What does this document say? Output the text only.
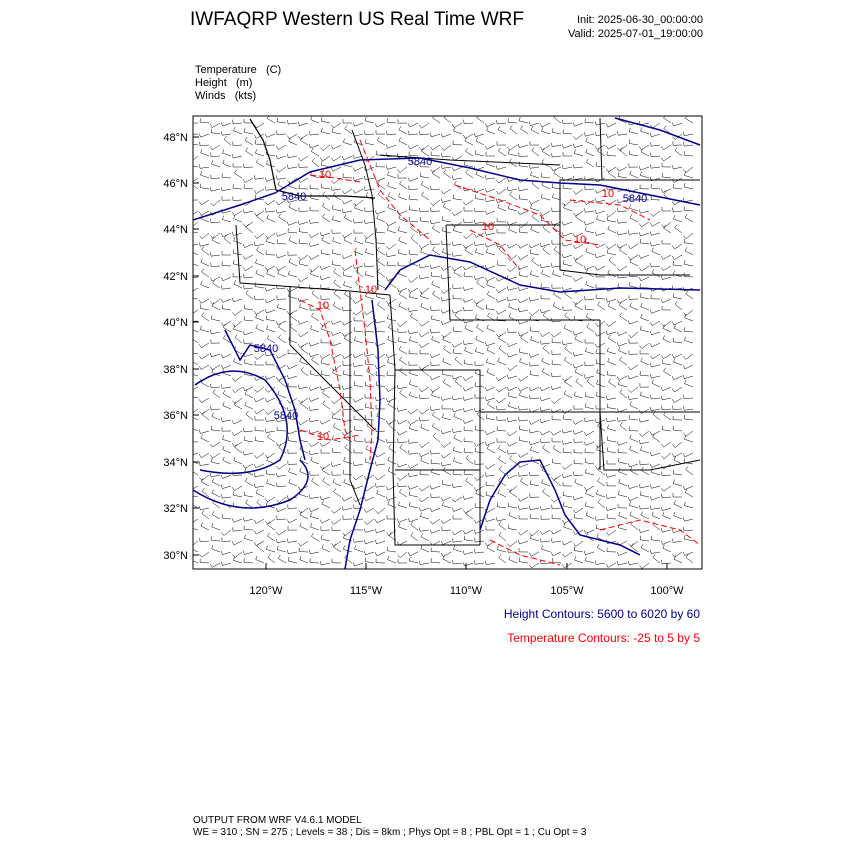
IWFAQRP Western US Real Time WRF	Init: 2025-06-30_00:00:00
Valid: 2025-07-01_19:00:00
Temperature (C)
Height (m)
Winds (kts)
48°N
46°N
44°N
42°N
40°N
38°N
36°N
34°N
32°N
30°N
120°W	115°W	110°W	105°W	100°W
5840
5840
5840
5840
5840
10
10
10
10
10
10
10
Height Contours: 5600 to 6020 by 60
Temperature Contours: -25 to 5 by 5
OUTPUT FROM WRF V4.6.1 MODEL
WE = 310 ; SN = 275 ; Levels = 38 ; Dis = 8km ; Phys Opt = 8 ; PBL Opt = 1 ; Cu Opt = 3
